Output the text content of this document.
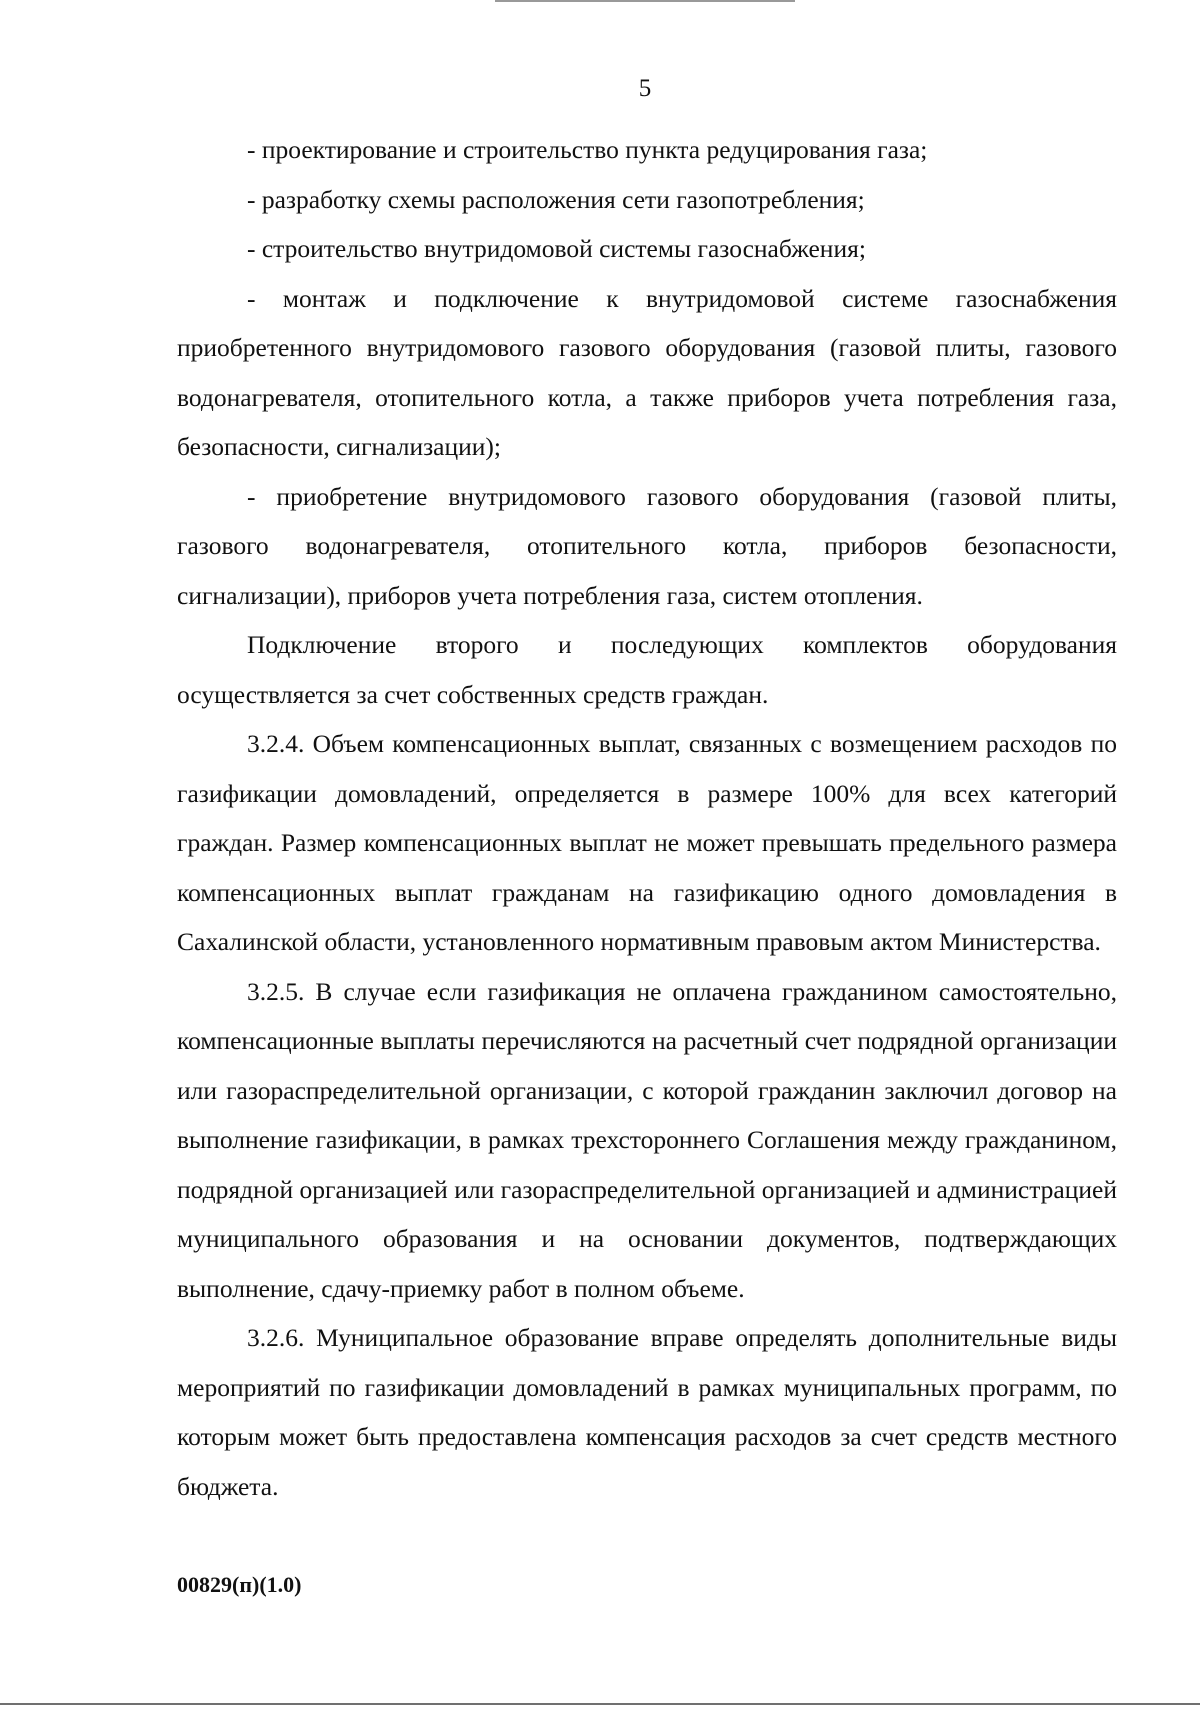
5

- проектирование и строительство пункта редуцирования газа;

- разработку схемы расположения сети газопотребления;

- строительство внутридомовой системы газоснабжения;

- монтаж и подключение к внутридомовой системе газоснабжения приобретенного внутридомового газового оборудования (газовой плиты, газового водонагревателя, отопительного котла, а также приборов учета потребления газа, безопасности, сигнализации);

- приобретение внутридомового газового оборудования (газовой плиты, газового водонагревателя, отопительного котла, приборов безопасности, сигнализации), приборов учета потребления газа, систем отопления.

Подключение второго и последующих комплектов оборудования осуществляется за счет собственных средств граждан.

3.2.4. Объем компенсационных выплат, связанных с возмещением расходов по газификации домовладений, определяется в размере 100% для всех категорий граждан. Размер компенсационных выплат не может превышать предельного размера компенсационных выплат гражданам на газификацию одного домовладения в Сахалинской области, установленного нормативным правовым актом Министерства.

3.2.5. В случае если газификация не оплачена гражданином самостоятельно, компенсационные выплаты перечисляются на расчетный счет подрядной организации или газораспределительной организации, с которой гражданин заключил договор на выполнение газификации, в рамках трехстороннего Соглашения между гражданином, подрядной организацией или газораспределительной организацией и администрацией муниципального образования и на основании документов, подтверждающих выполнение, сдачу-приемку работ в полном объеме.

3.2.6. Муниципальное образование вправе определять дополнительные виды мероприятий по газификации домовладений в рамках муниципальных программ, по которым может быть предоставлена компенсация расходов за счет средств местного бюджета.

00829(п)(1.0)
